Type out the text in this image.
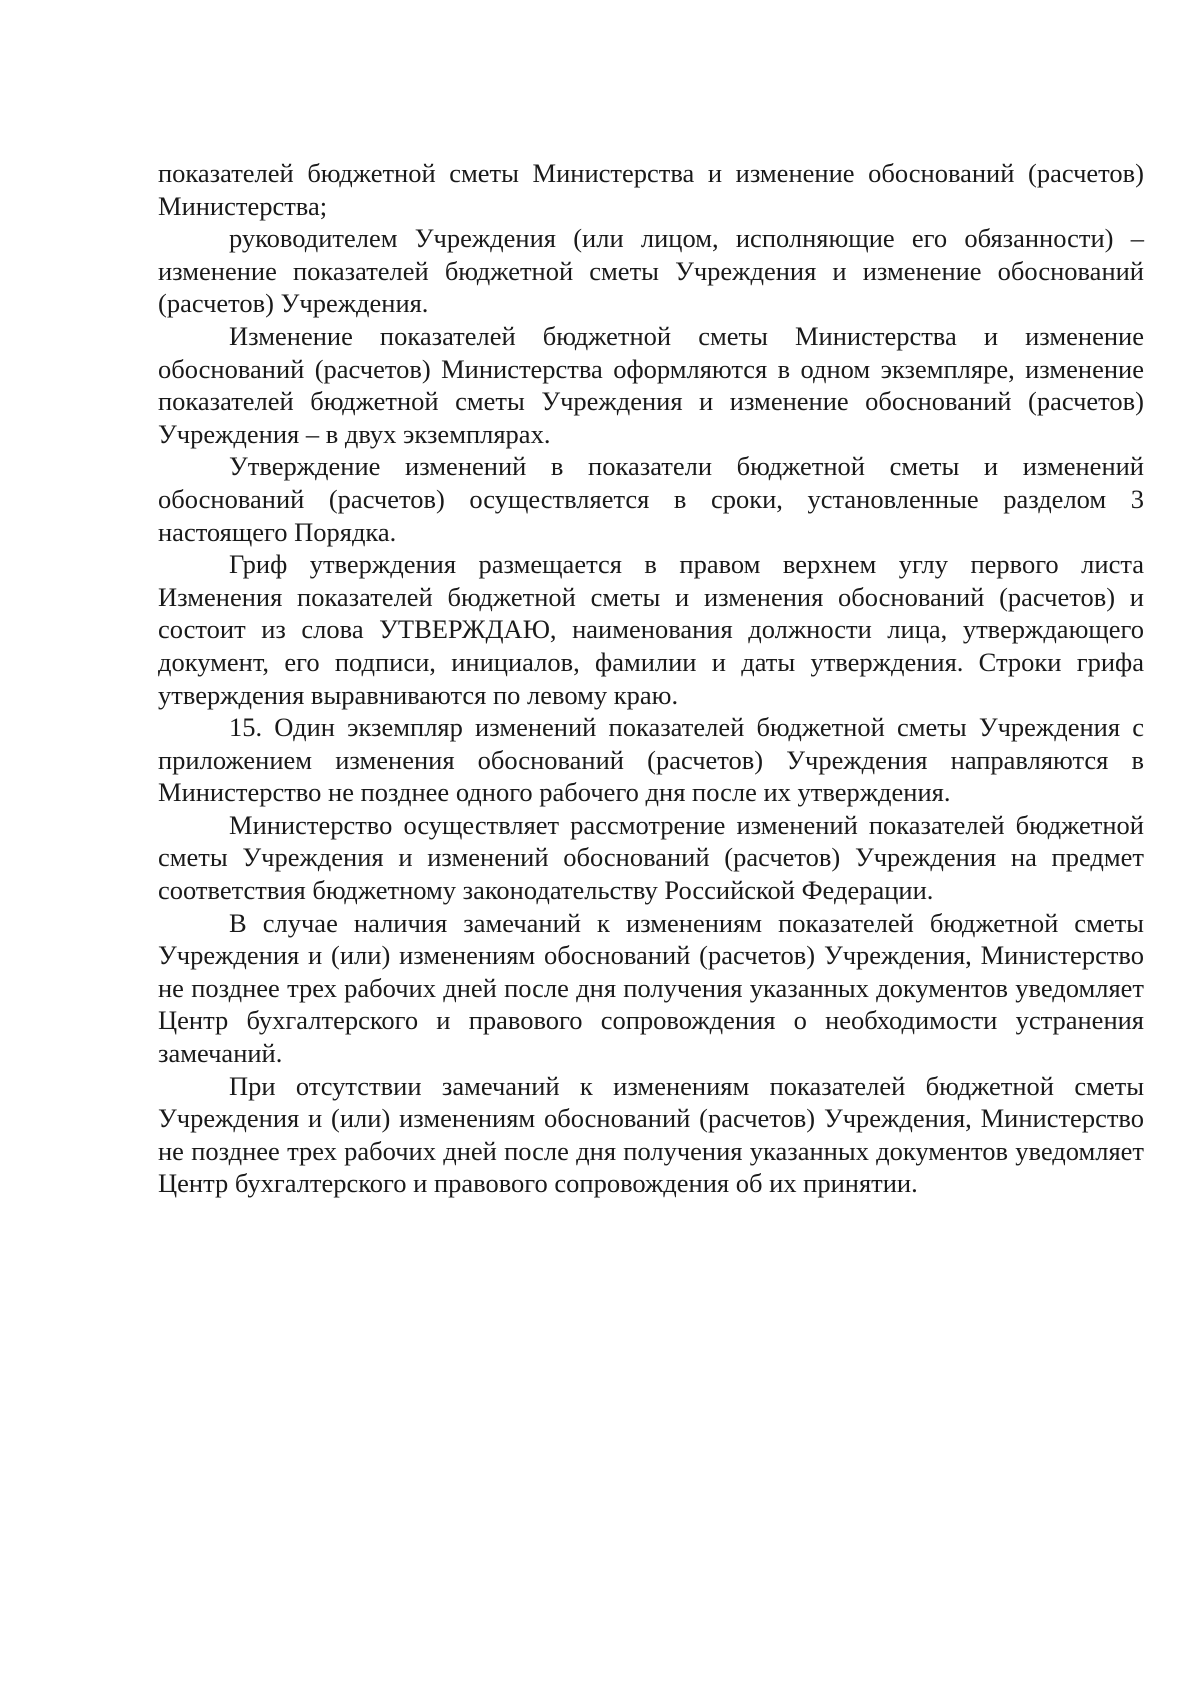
показателей бюджетной сметы Министерства и изменение обоснований (расчетов) Министерства;

руководителем Учреждения (или лицом, исполняющие его обязанности) – изменение показателей бюджетной сметы Учреждения и изменение обоснований (расчетов) Учреждения.

Изменение показателей бюджетной сметы Министерства и изменение обоснований (расчетов) Министерства оформляются в одном экземпляре, изменение показателей бюджетной сметы Учреждения и изменение обоснований (расчетов) Учреждения – в двух экземплярах.

Утверждение изменений в показатели бюджетной сметы и изменений обоснований (расчетов) осуществляется в сроки, установленные разделом 3 настоящего Порядка.

Гриф утверждения размещается в правом верхнем углу первого листа Изменения показателей бюджетной сметы и изменения обоснований (расчетов) и состоит из слова УТВЕРЖДАЮ, наименования должности лица, утверждающего документ, его подписи, инициалов, фамилии и даты утверждения. Строки грифа утверждения выравниваются по левому краю.

15. Один экземпляр изменений показателей бюджетной сметы Учреждения с приложением изменения обоснований (расчетов) Учреждения направляются в Министерство не позднее одного рабочего дня после их утверждения.

Министерство осуществляет рассмотрение изменений показателей бюджетной сметы Учреждения и изменений обоснований (расчетов) Учреждения на предмет соответствия бюджетному законодательству Российской Федерации.

В случае наличия замечаний к изменениям показателей бюджетной сметы Учреждения и (или) изменениям обоснований (расчетов) Учреждения, Министерство не позднее трех рабочих дней после дня получения указанных документов уведомляет Центр бухгалтерского и правового сопровождения о необходимости устранения замечаний.

При отсутствии замечаний к изменениям показателей бюджетной сметы Учреждения и (или) изменениям обоснований (расчетов) Учреждения, Министерство не позднее трех рабочих дней после дня получения указанных документов уведомляет Центр бухгалтерского и правового сопровождения об их принятии.
